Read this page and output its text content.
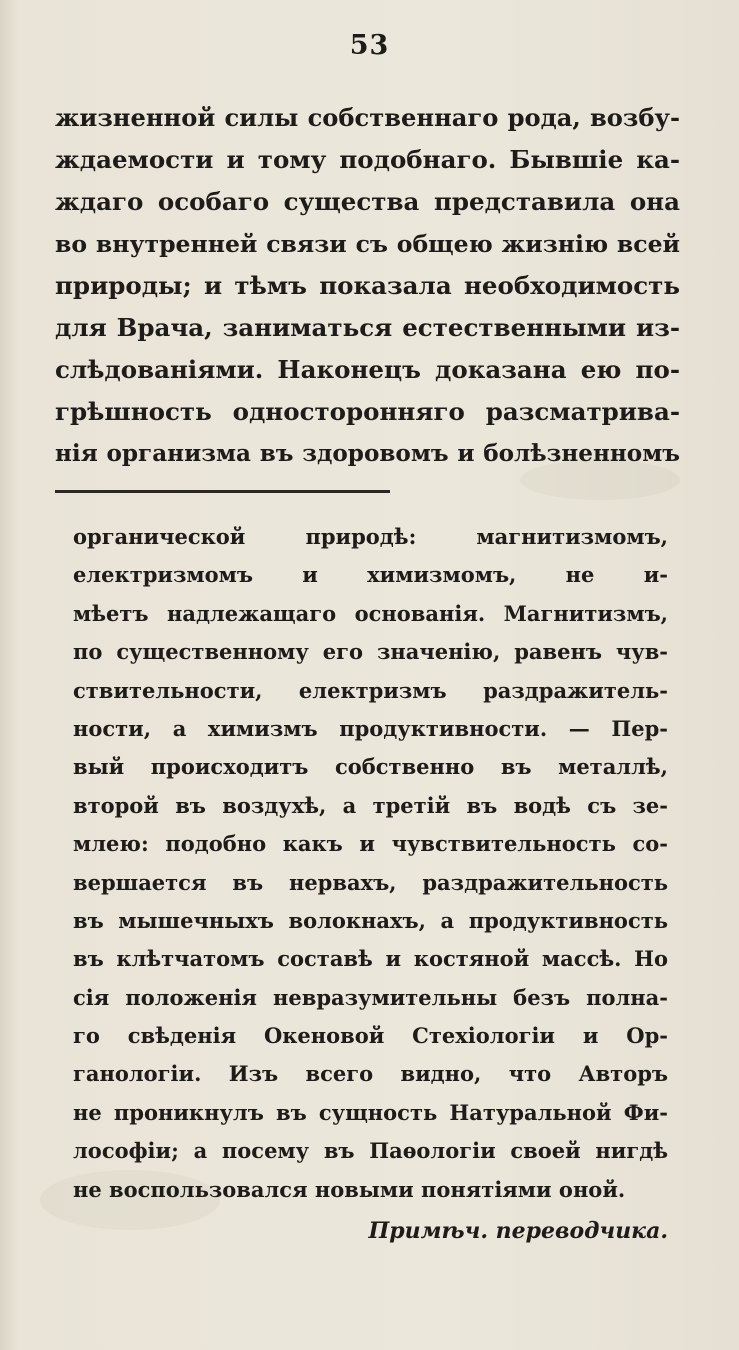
53
жизненной силы собственнаго рода, возбу-
ждаемости и тому подобнаго. Бывшіе ка-
ждаго особаго существа представила она
во внутренней связи съ общею жизнію всей
природы; и тѣмъ показала необходимость
для Врача, заниматься естественными из-
слѣдованіями. Наконецъ доказана ею по-
грѣшность односторонняго разсматрива-
нія организма въ здоровомъ и болѣзненномъ
органической природѣ: магнитизмомъ,
електризмомъ и химизмомъ, не и-
мѣетъ надлежащаго основанія. Магнитизмъ,
по существенному его значенію, равенъ чув-
ствительности, електризмъ раздражитель-
ности, а химизмъ продуктивности. — Пер-
вый происходитъ собственно въ металлѣ,
второй въ воздухѣ, а третій въ водѣ съ зе-
млею: подобно какъ и чувствительность со-
вершается въ нервахъ, раздражительность
въ мышечныхъ волокнахъ, а продуктивность
въ клѣтчатомъ составѣ и костяной массѣ. Но
сія положенія невразумительны безъ полна-
го свѣденія Океновой Стехіологіи и Ор-
ганологіи. Изъ всего видно, что Авторъ
не проникнулъ въ сущность Натуральной Фи-
лософіи; а посему въ Паѳологіи своей нигдѣ
не воспользовался новыми понятіями оной.
Примѣч. переводчика.
